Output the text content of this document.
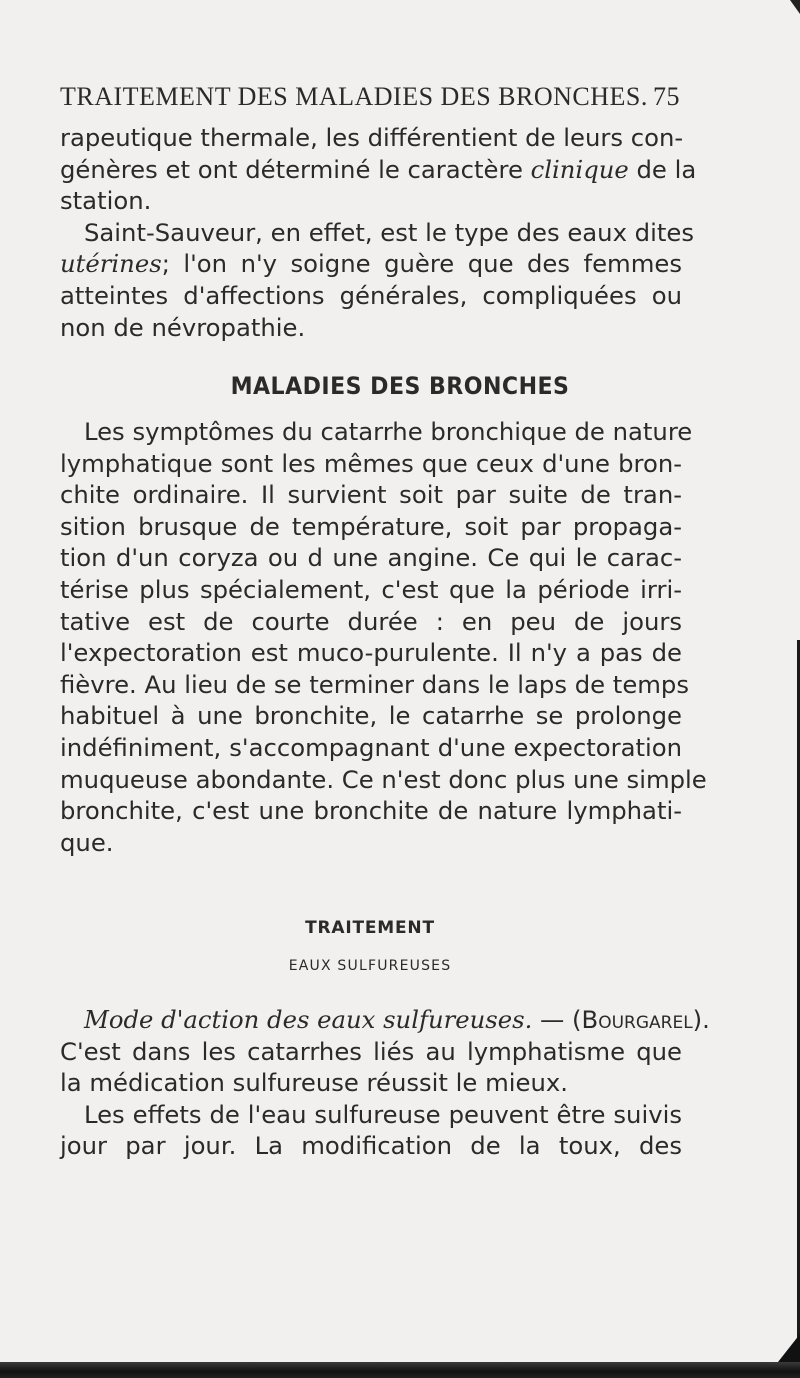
TRAITEMENT DES MALADIES DES BRONCHES. 75
rapeutique thermale, les différentient de leurs con-
génères et ont déterminé le caractère clinique de la
station.
Saint-Sauveur, en effet, est le type des eaux dites
utérines; l'on n'y soigne guère que des femmes
atteintes d'affections générales, compliquées ou
non de névropathie.
MALADIES DES BRONCHES
Les symptômes du catarrhe bronchique de nature
lymphatique sont les mêmes que ceux d'une bron-
chite ordinaire. Il survient soit par suite de tran-
sition brusque de température, soit par propaga-
tion d'un coryza ou d une angine. Ce qui le carac-
térise plus spécialement, c'est que la période irri-
tative est de courte durée : en peu de jours
l'expectoration est muco-purulente. Il n'y a pas de
fièvre. Au lieu de se terminer dans le laps de temps
habituel à une bronchite, le catarrhe se prolonge
indéfiniment, s'accompagnant d'une expectoration
muqueuse abondante. Ce n'est donc plus une simple
bronchite, c'est une bronchite de nature lymphati-
que.
TRAITEMENT
EAUX SULFUREUSES
Mode d'action des eaux sulfureuses. — (Bourgarel).
C'est dans les catarrhes liés au lymphatisme que
la médication sulfureuse réussit le mieux.
Les effets de l'eau sulfureuse peuvent être suivis
jour par jour. La modification de la toux, des
